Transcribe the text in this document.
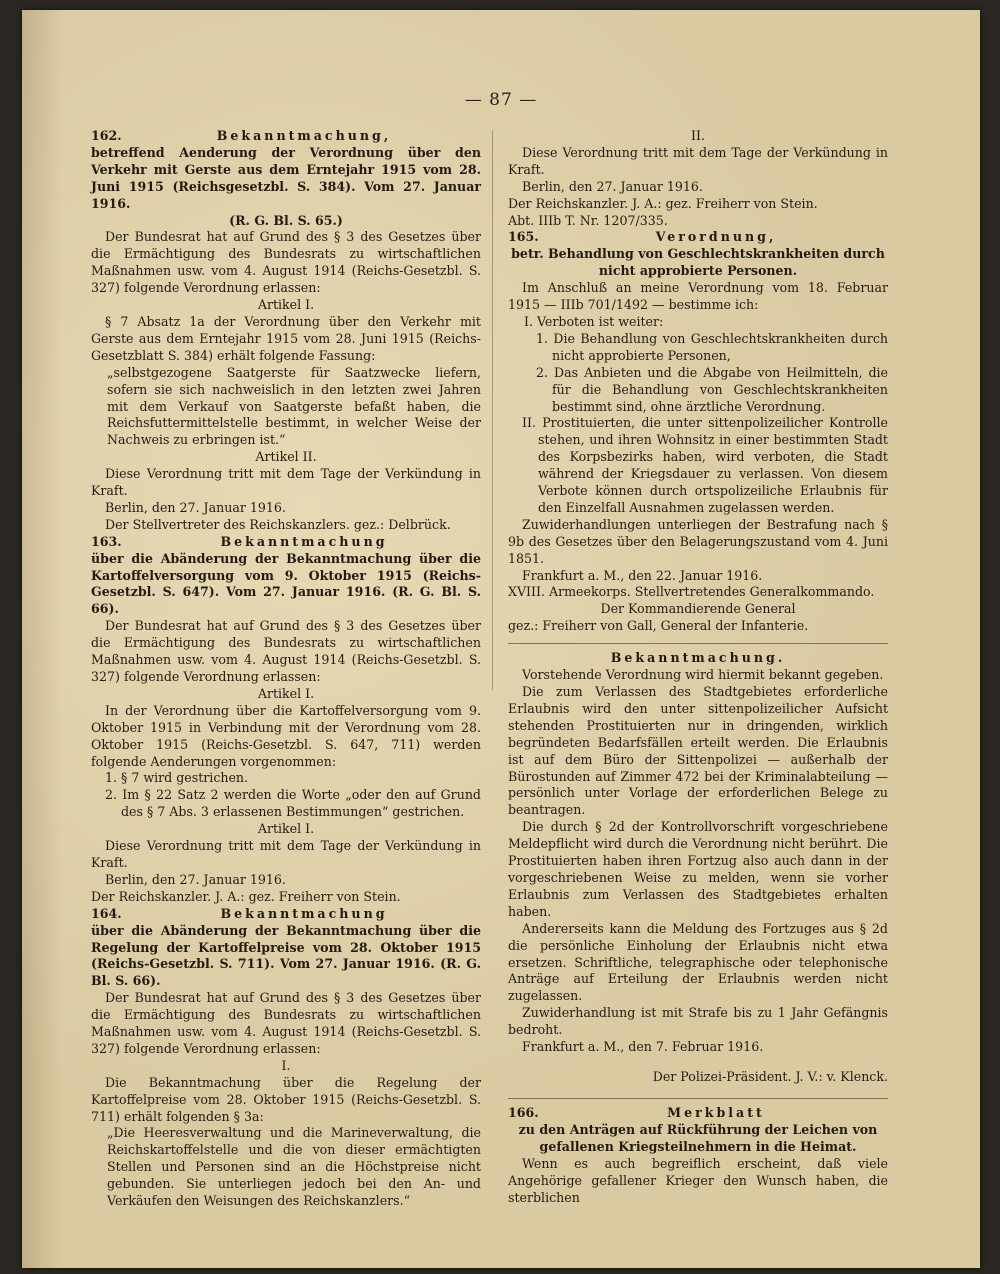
— 87 —
162.	Bekanntmachung,
betreffend Aenderung der Verordnung über den Verkehr mit Gerste aus dem Erntejahr 1915 vom 28. Juni 1915 (Reichsgesetzbl. S. 384). Vom 27. Januar 1916.
(R. G. Bl. S. 65.)

Der Bundesrat hat auf Grund des § 3 des Gesetzes über die Ermächtigung des Bundesrats zu wirtschaftlichen Maßnahmen usw. vom 4. August 1914 (Reichs-Gesetzbl. S. 327) folgende Verordnung erlassen:

Artikel I.

§ 7 Absatz 1a der Verordnung über den Verkehr mit Gerste aus dem Erntejahr 1915 vom 28. Juni 1915 (Reichs-Gesetzblatt S. 384) erhält folgende Fassung:

„selbstgezogene Saatgerste für Saatzwecke liefern, sofern sie sich nachweislich in den letzten zwei Jahren mit dem Verkauf von Saatgerste befaßt haben, die Reichsfuttermittelstelle bestimmt, in welcher Weise der Nachweis zu erbringen ist.“
Artikel II.

Diese Verordnung tritt mit dem Tage der Verkündung in Kraft.

Berlin, den 27. Januar 1916.

Der Stellvertreter des Reichskanzlers. gez.: Delbrück.

163.	Bekanntmachung
über die Abänderung der Bekanntmachung über die Kartoffelversorgung vom 9. Oktober 1915 (Reichs-Gesetzbl. S. 647). Vom 27. Januar 1916. (R. G. Bl. S. 66).

Der Bundesrat hat auf Grund des § 3 des Gesetzes über die Ermächtigung des Bundesrats zu wirtschaftlichen Maßnahmen usw. vom 4. August 1914 (Reichs-Gesetzbl. S. 327) folgende Verordnung erlassen:

Artikel I.

In der Verordnung über die Kartoffelversorgung vom 9. Oktober 1915 in Verbindung mit der Verordnung vom 28. Oktober 1915 (Reichs-Gesetzbl. S. 647, 711) werden folgende Aenderungen vorgenommen:

1. § 7 wird gestrichen.
2. Im § 22 Satz 2 werden die Worte „oder den auf Grund des § 7 Abs. 3 erlassenen Bestimmungen“ gestrichen.
Artikel I.

Diese Verordnung tritt mit dem Tage der Verkündung in Kraft.

Berlin, den 27. Januar 1916.

Der Reichskanzler. J. A.: gez. Freiherr von Stein.

164.	Bekanntmachung
über die Abänderung der Bekanntmachung über die Regelung der Kartoffelpreise vom 28. Oktober 1915 (Reichs-Gesetzbl. S. 711). Vom 27. Januar 1916. (R. G. Bl. S. 66).

Der Bundesrat hat auf Grund des § 3 des Gesetzes über die Ermächtigung des Bundesrats zu wirtschaftlichen Maßnahmen usw. vom 4. August 1914 (Reichs-Gesetzbl. S. 327) folgende Verordnung erlassen:

I.

Die Bekanntmachung über die Regelung der Kartoffelpreise vom 28. Oktober 1915 (Reichs-Gesetzbl. S. 711) erhält folgenden § 3a:

„Die Heeresverwaltung und die Marineverwaltung, die Reichskartoffelstelle und die von dieser ermächtigten Stellen und Personen sind an die Höchstpreise nicht gebunden. Sie unterliegen jedoch bei den An- und Verkäufen den Weisungen des Reichskanzlers.“
II.

Diese Verordnung tritt mit dem Tage der Verkündung in Kraft.

Berlin, den 27. Januar 1916.

Der Reichskanzler. J. A.: gez. Freiherr von Stein.

Abt. IIIb T. Nr. 1207/335.

165.	Verordnung,
betr. Behandlung von Geschlechtskrankheiten durch nicht approbierte Personen.

Im Anschluß an meine Verordnung vom 18. Februar 1915 — IIIb 701/1492 — bestimme ich:

I. Verboten ist weiter:
1. Die Behandlung von Geschlechtskrankheiten durch nicht approbierte Personen,
2. Das Anbieten und die Abgabe von Heilmitteln, die für die Behandlung von Geschlechtskrankheiten bestimmt sind, ohne ärztliche Verordnung.
II. Prostituierten, die unter sittenpolizeilicher Kontrolle stehen, und ihren Wohnsitz in einer bestimmten Stadt des Korpsbezirks haben, wird verboten, die Stadt während der Kriegsdauer zu verlassen. Von diesem Verbote können durch ortspolizeiliche Erlaubnis für den Einzelfall Ausnahmen zugelassen werden.

Zuwiderhandlungen unterliegen der Bestrafung nach § 9b des Gesetzes über den Belagerungszustand vom 4. Juni 1851.

Frankfurt a. M., den 22. Januar 1916.

XVIII. Armeekorps. Stellvertretendes Generalkommando.

Der Kommandierende General

gez.: Freiherr von Gall, General der Infanterie.

Bekanntmachung.

Vorstehende Verordnung wird hiermit bekannt gegeben.

Die zum Verlassen des Stadtgebietes erforderliche Erlaubnis wird den unter sittenpolizeilicher Aufsicht stehenden Prostituierten nur in dringenden, wirklich begründeten Bedarfsfällen erteilt werden. Die Erlaubnis ist auf dem Büro der Sittenpolizei — außerhalb der Bürostunden auf Zimmer 472 bei der Kriminalabteilung — persönlich unter Vorlage der erforderlichen Belege zu beantragen.

Die durch § 2d der Kontrollvorschrift vorgeschriebene Meldepflicht wird durch die Verordnung nicht berührt. Die Prostituierten haben ihren Fortzug also auch dann in der vorgeschriebenen Weise zu melden, wenn sie vorher Erlaubnis zum Verlassen des Stadtgebietes erhalten haben.

Andererseits kann die Meldung des Fortzuges aus § 2d die persönliche Einholung der Erlaubnis nicht etwa ersetzen. Schriftliche, telegraphische oder telephonische Anträge auf Erteilung der Erlaubnis werden nicht zugelassen.

Zuwiderhandlung ist mit Strafe bis zu 1 Jahr Gefängnis bedroht.

Frankfurt a. M., den 7. Februar 1916.

Der Polizei-Präsident. J. V.: v. Klenck.

166.	Merkblatt
zu den Anträgen auf Rückführung der Leichen von gefallenen Kriegsteilnehmern in die Heimat.

Wenn es auch begreiflich erscheint, daß viele Angehörige gefallener Krieger den Wunsch haben, die sterblichen
